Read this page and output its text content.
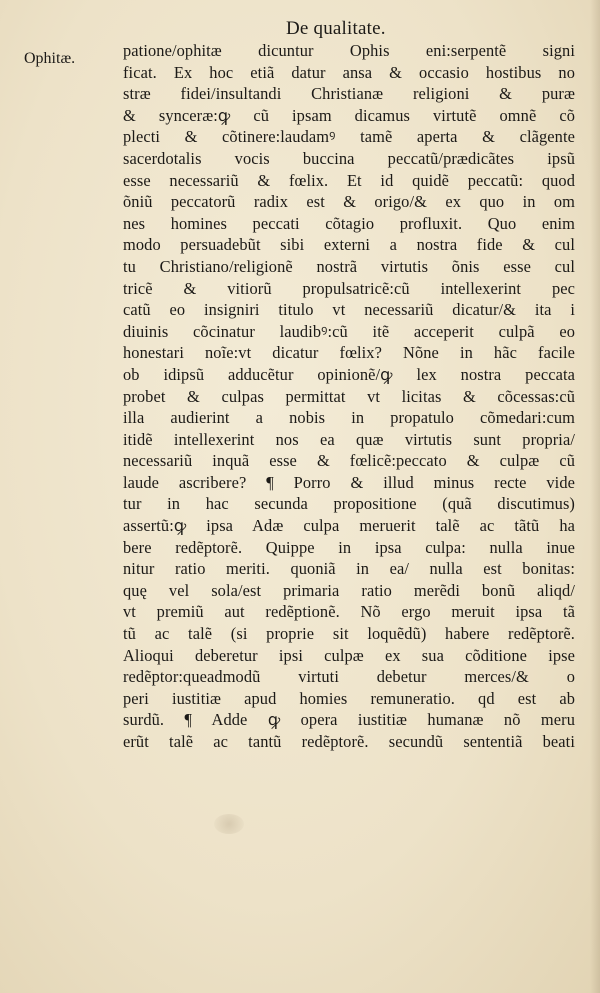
De qualitate.
Ophitæ.	patione/ophitæ dicuntur Ophis eni:serpentẽ signi
ficat. Ex hoc etiã datur ansa & occasio hostibus no
stræ fidei/insultandi Christianæ religioni & puræ
& synceræ:ꝙ cũ ipsam dicamus virtutẽ omnẽ cõ
plecti & cõtinere:laudamꝰ tamẽ aperta & clãgente
sacerdotalis vocis buccina peccatũ/prædicãtes ipsũ
esse necessariũ & fœlix. Et id quidẽ peccatũ: quod
õniũ peccatorũ radix est & origo/& ex quo in om
nes homines peccati cõtagio profluxit. Quo enim
modo persuadebũt sibi externi a nostra fide & cul
tu Christiano/religionẽ nostrã virtutis õnis esse cul
tricẽ & vitiorũ propulsatricẽ:cũ intellexerint pec
catũ eo insigniri titulo vt necessariũ dicatur/& ita i
diuinis cõcinatur laudibꝰ:cũ itẽ acceperit culpã eo
honestari noĩe:vt dicatur fœlix? Nõne in hãc facile
ob idipsũ adducẽtur opinionẽ/ꝙ lex nostra peccata
probet & culpas permittat vt licitas & cõcessas:cũ
illa audierint a nobis in propatulo cõmedari:cum
itidẽ intellexerint nos ea quæ virtutis sunt propria/
necessariũ inquã esse & fœlicẽ:peccato & culpæ cũ
laude ascribere? ¶ Porro & illud minus recte vide
tur in hac secunda propositione (quã discutimus)
assertũ:ꝙ ipsa Adæ culpa meruerit talẽ ac tãtũ ha
bere redẽptorẽ. Quippe in ipsa culpa: nulla inue
nitur ratio meriti. quoniã in ea/ nulla est bonitas:
quę vel sola/est primaria ratio merẽdi bonũ aliqd/
vt premiũ aut redẽptionẽ. Nõ ergo meruit ipsa tã
tũ ac talẽ (si proprie sit loquẽdũ) habere redẽptorẽ.
Alioqui deberetur ipsi culpæ ex sua cõditione ipse
redẽptor:queadmodũ virtuti debetur merces/& o
peri iustitiæ apud homies remuneratio. qd est ab
surdũ. ¶ Adde ꝙ opera iustitiæ humanæ nõ meru
erũt talẽ ac tantũ redẽptorẽ. secundũ sententiã beati
